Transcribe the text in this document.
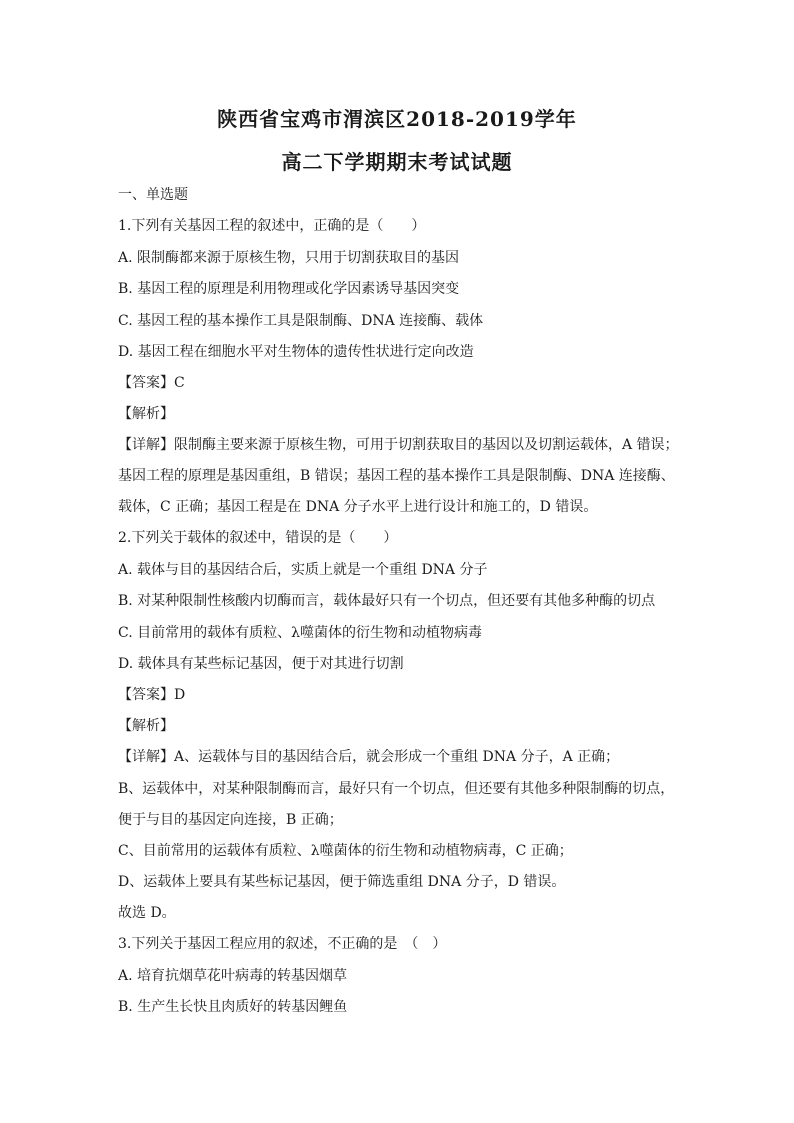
陕西省宝鸡市渭滨区2018-2019学年
高二下学期期末考试试题
一、单选题
1.下列有关基因工程的叙述中，正确的是（　　）
A. 限制酶都来源于原核生物，只用于切割获取目的基因
B. 基因工程的原理是利用物理或化学因素诱导基因突变
C. 基因工程的基本操作工具是限制酶、DNA 连接酶、载体
D. 基因工程在细胞水平对生物体的遗传性状进行定向改造
【答案】C
【解析】
【详解】限制酶主要来源于原核生物，可用于切割获取目的基因以及切割运载体，A 错误；
基因工程的原理是基因重组，B 错误；基因工程的基本操作工具是限制酶、DNA 连接酶、
载体，C 正确；基因工程是在 DNA 分子水平上进行设计和施工的，D 错误。
2.下列关于载体的叙述中，错误的是（　　）
A. 载体与目的基因结合后，实质上就是一个重组 DNA 分子
B. 对某种限制性核酸内切酶而言，载体最好只有一个切点，但还要有其他多种酶的切点
C. 目前常用的载体有质粒、λ噬菌体的衍生物和动植物病毒
D. 载体具有某些标记基因，便于对其进行切割
【答案】D
【解析】
【详解】A、运载体与目的基因结合后，就会形成一个重组 DNA 分子，A 正确；
B、运载体中，对某种限制酶而言，最好只有一个切点，但还要有其他多种限制酶的切点，
便于与目的基因定向连接，B 正确；
C、目前常用的运载体有质粒、λ噬菌体的衍生物和动植物病毒，C 正确；
D、运载体上要具有某些标记基因，便于筛选重组 DNA 分子，D 错误。
故选 D。
3.下列关于基因工程应用的叙述，不正确的是　（　）
A. 培育抗烟草花叶病毒的转基因烟草
B. 生产生长快且肉质好的转基因鲤鱼
